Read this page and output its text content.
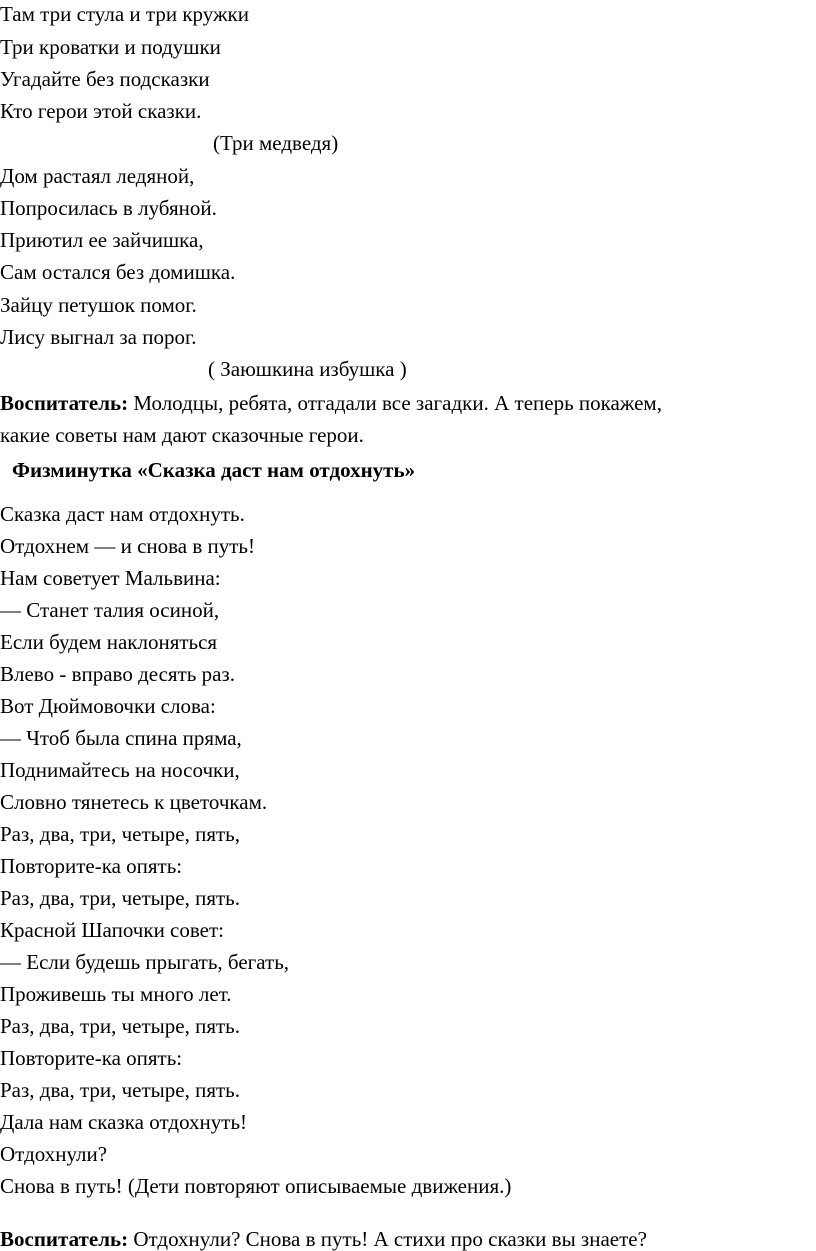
Там три стула и три кружки
Три кроватки и подушки
Угадайте без подсказки
Кто герои этой сказки.
(Три медведя)
Дом растаял ледяной,
Попросилась в лубяной.
Приютил ее зайчишка,
Сам остался без домишка.
Зайцу петушок помог.
Лису выгнал за порог.
( Заюшкина избушка )
Воспитатель: Молодцы, ребята, отгадали все загадки. А теперь покажем,
какие советы нам дают сказочные герои.
Физминутка «Сказка даст нам отдохнуть»
Сказка даст нам отдохнуть.
Отдохнем — и снова в путь!
Нам советует Мальвина:
— Станет талия осиной,
Если будем наклоняться
Влево - вправо десять раз.
Вот Дюймовочки слова:
— Чтоб была спина пряма,
Поднимайтесь на носочки,
Словно тянетесь к цветочкам.
Раз, два, три, четыре, пять,
Повторите-ка опять:
Раз, два, три, четыре, пять.
Красной Шапочки совет:
— Если будешь прыгать, бегать,
Проживешь ты много лет.
Раз, два, три, четыре, пять.
Повторите-ка опять:
Раз, два, три, четыре, пять.
Дала нам сказка отдохнуть!
Отдохнули?
Снова в путь! (Дети повторяют описываемые движения.)
Воспитатель: Отдохнули? Снова в путь! А стихи про сказки вы знаете?
